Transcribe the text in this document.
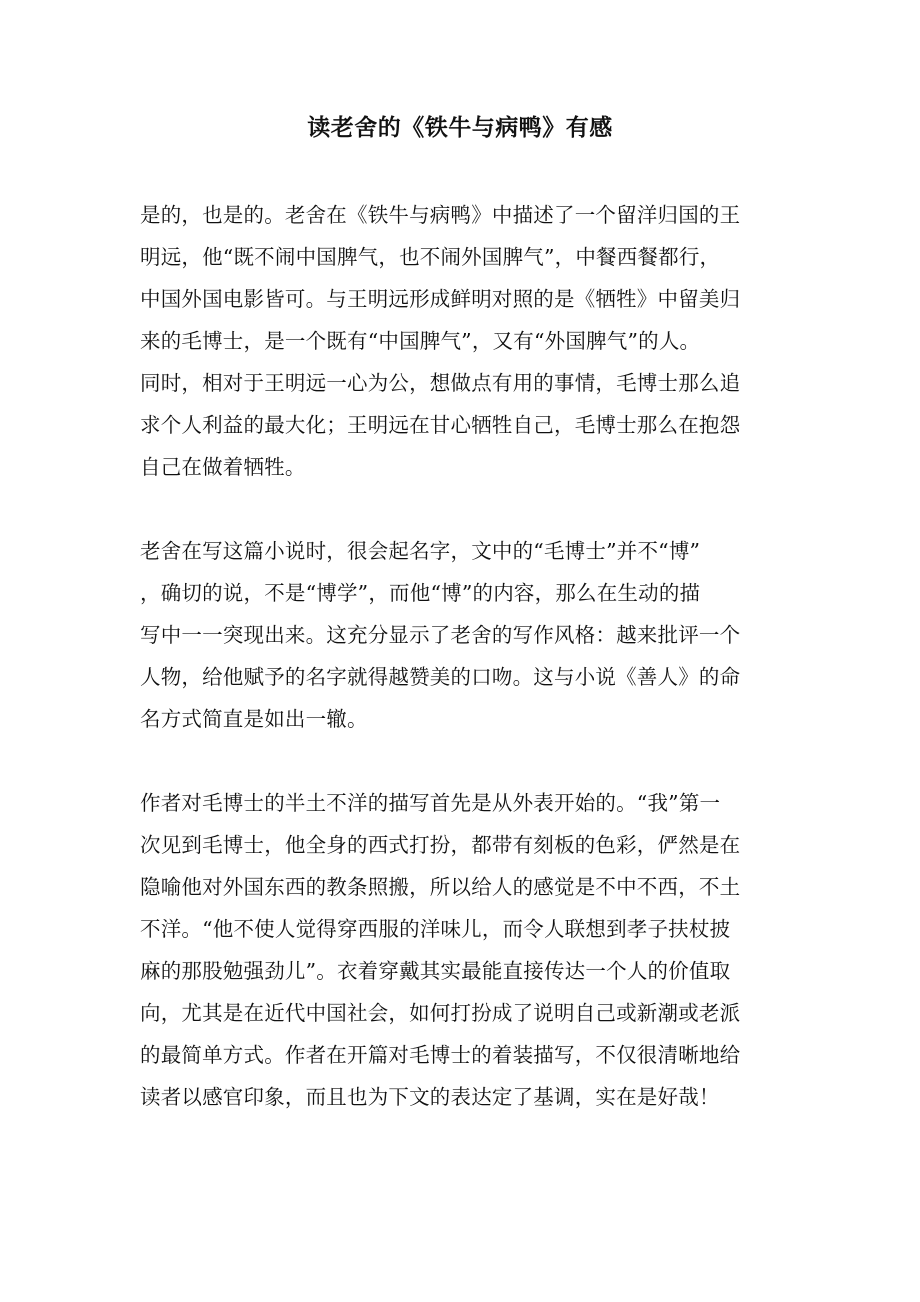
读老舍的《铁牛与病鸭》有感
是的，也是的。老舍在《铁牛与病鸭》中描述了一个留洋归国的王
明远，他“既不闹中国脾气，也不闹外国脾气”，中餐西餐都行，
中国外国电影皆可。与王明远形成鲜明对照的是《牺牲》中留美归
来的毛博士，是一个既有“中国脾气”，又有“外国脾气”的人。
同时，相对于王明远一心为公，想做点有用的事情，毛博士那么追
求个人利益的最大化；王明远在甘心牺牲自己，毛博士那么在抱怨
自己在做着牺牲。
老舍在写这篇小说时，很会起名字，文中的“毛博士”并不“博”
，确切的说，不是“博学”，而他“博”的内容，那么在生动的描
写中一一突现出来。这充分显示了老舍的写作风格：越来批评一个
人物，给他赋予的名字就得越赞美的口吻。这与小说《善人》的命
名方式简直是如出一辙。
作者对毛博士的半土不洋的描写首先是从外表开始的。“我”第一
次见到毛博士，他全身的西式打扮，都带有刻板的色彩，俨然是在
隐喻他对外国东西的教条照搬，所以给人的感觉是不中不西，不土
不洋。“他不使人觉得穿西服的洋味儿，而令人联想到孝子扶杖披
麻的那股勉强劲儿”。衣着穿戴其实最能直接传达一个人的价值取
向，尤其是在近代中国社会，如何打扮成了说明自己或新潮或老派
的最简单方式。作者在开篇对毛博士的着装描写，不仅很清晰地给
读者以感官印象，而且也为下文的表达定了基调，实在是好哉！
